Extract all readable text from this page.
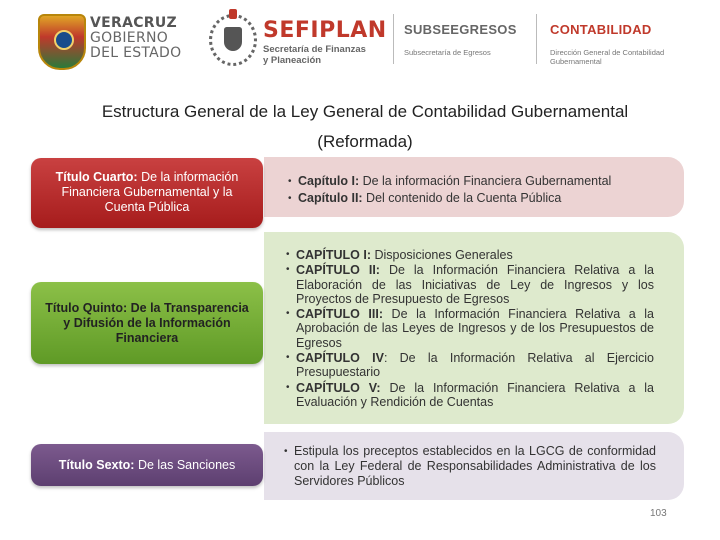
VERACRUZ
GOBIERNO
DEL ESTADO
SEFIPLAN
Secretaría de Finanzas
y Planeación
SUBSEEGRESOS
Subsecretaría de Egresos
CONTABILIDAD
Dirección General de Contabilidad Gubernamental
Estructura General de la Ley General de Contabilidad Gubernamental
(Reformada)
• Capítulo I: De la información Financiera Gubernamental
• Capítulo II: Del contenido de la Cuenta Pública
Título Cuarto: De la información Financiera Gubernamental y la Cuenta Pública
• CAPÍTULO I: Disposiciones Generales
• CAPÍTULO II: De la Información Financiera Relativa a la Elaboración de las Iniciativas de Ley de Ingresos y los Proyectos de Presupuesto de Egresos
• CAPÍTULO III: De la Información Financiera Relativa a la Aprobación de las Leyes de Ingresos y de los Presupuestos de Egresos
• CAPÍTULO IV: De la Información Relativa al Ejercicio Presupuestario
• CAPÍTULO V: De la Información Financiera Relativa a la Evaluación y Rendición de Cuentas
Título Quinto: De la Transparencia y Difusión de la Información Financiera
• Estipula los preceptos establecidos en la LGCG de conformidad con la Ley Federal de Responsabilidades Administrativa de los Servidores Públicos
Título Sexto: De las Sanciones
103
